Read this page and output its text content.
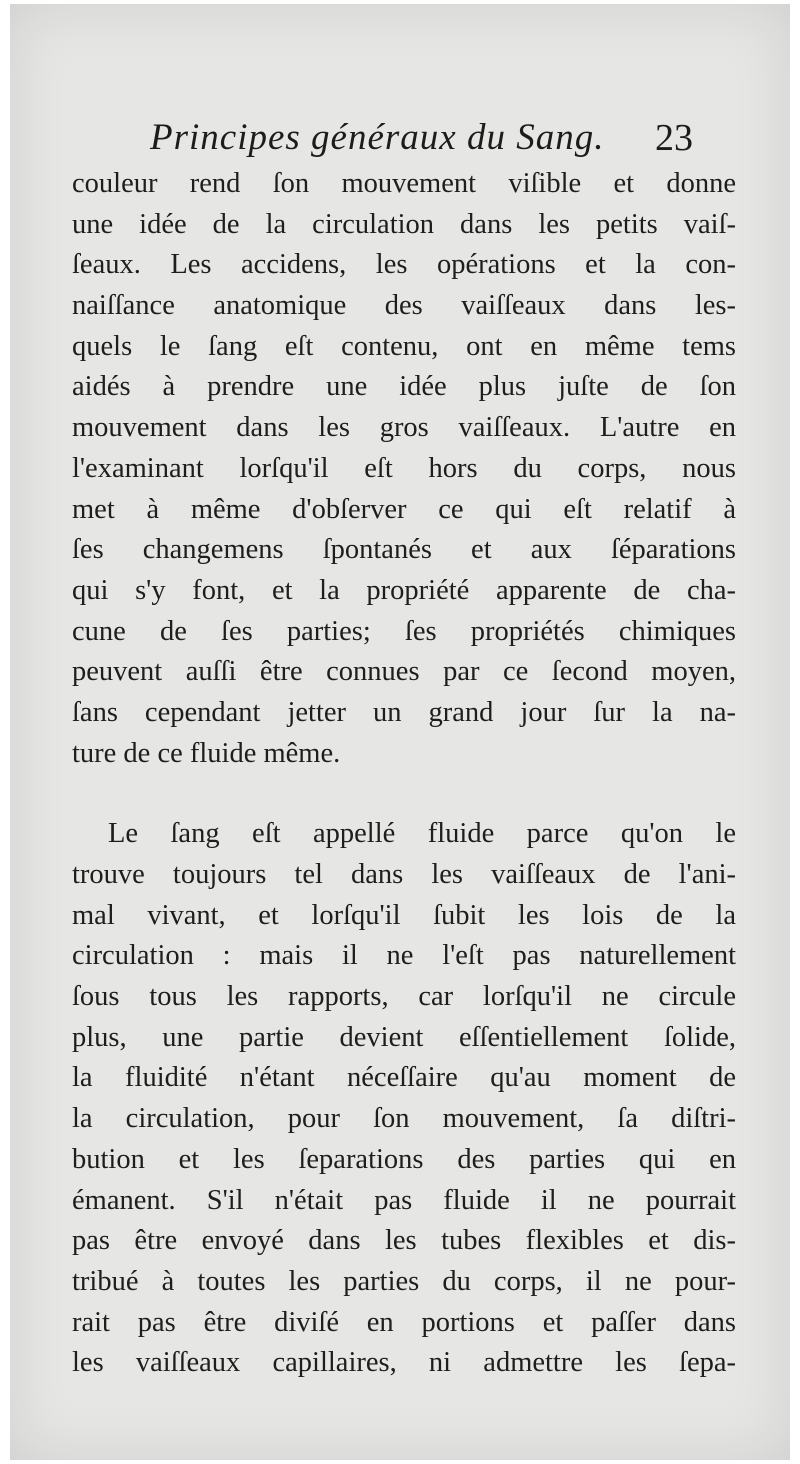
Principes généraux du Sang. 23
couleur rend ſon mouvement viſible et donne
une idée de la circulation dans les petits vaiſ-
ſeaux. Les accidens, les opérations et la con-
naiſſance anatomique des vaiſſeaux dans les-
quels le ſang eſt contenu, ont en même tems
aidés à prendre une idée plus juſte de ſon
mouvement dans les gros vaiſſeaux. L'autre en
l'examinant lorſqu'il eſt hors du corps, nous
met à même d'obſerver ce qui eſt relatif à
ſes changemens ſpontanés et aux ſéparations
qui s'y font, et la propriété apparente de cha-
cune de ſes parties; ſes propriétés chimiques
peuvent auſſi être connues par ce ſecond moyen,
ſans cependant jetter un grand jour ſur la na-
ture de ce fluide même.
Le ſang eſt appellé fluide parce qu'on le
trouve toujours tel dans les vaiſſeaux de l'ani-
mal vivant, et lorſqu'il ſubit les lois de la
circulation : mais il ne l'eſt pas naturellement
ſous tous les rapports, car lorſqu'il ne circule
plus, une partie devient eſſentiellement ſolide,
la fluidité n'étant néceſſaire qu'au moment de
la circulation, pour ſon mouvement, ſa diſtri-
bution et les ſeparations des parties qui en
émanent. S'il n'était pas fluide il ne pourrait
pas être envoyé dans les tubes flexibles et dis-
tribué à toutes les parties du corps, il ne pour-
rait pas être diviſé en portions et paſſer dans
les vaiſſeaux capillaires, ni admettre les ſepa-
